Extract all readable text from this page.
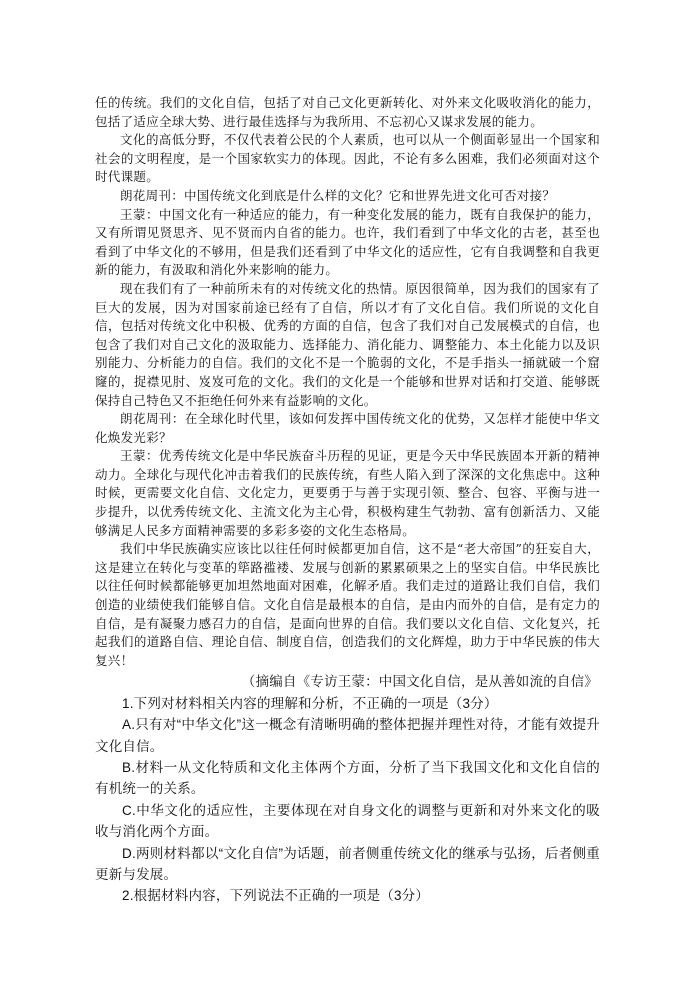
任的传统。我们的文化自信，包括了对自己文化更新转化、对外来文化吸收消化的能力，包括了适应全球大势、进行最佳选择与为我所用、不忘初心又谋求发展的能力。

文化的高低分野，不仅代表着公民的个人素质，也可以从一个侧面彰显出一个国家和社会的文明程度，是一个国家软实力的体现。因此，不论有多么困难，我们必须面对这个时代课题。

朗花周刊：中国传统文化到底是什么样的文化？它和世界先进文化可否对接？

王蒙：中国文化有一种适应的能力，有一种变化发展的能力，既有自我保护的能力，又有所谓见贤思齐、见不贤而内自省的能力。也许，我们看到了中华文化的古老，甚至也看到了中华文化的不够用，但是我们还看到了中华文化的适应性，它有自我调整和自我更新的能力，有汲取和消化外来影响的能力。

现在我们有了一种前所未有的对传统文化的热情。原因很简单，因为我们的国家有了巨大的发展，因为对国家前途已经有了自信，所以才有了文化自信。我们所说的文化自信，包括对传统文化中积极、优秀的方面的自信，包含了我们对自己发展模式的自信，也包含了我们对自己文化的汲取能力、选择能力、消化能力、调整能力、本土化能力以及识别能力、分析能力的自信。我们的文化不是一个脆弱的文化，不是手指头一捅就破一个窟窿的，捉襟见肘、岌岌可危的文化。我们的文化是一个能够和世界对话和打交道、能够既保持自己特色又不拒绝任何外来有益影响的文化。

朗花周刊：在全球化时代里，该如何发挥中国传统文化的优势，又怎样才能使中华文化焕发光彩？

王蒙：优秀传统文化是中华民族奋斗历程的见证，更是今天中华民族固本开新的精神动力。全球化与现代化冲击着我们的民族传统，有些人陷入到了深深的文化焦虑中。这种时候，更需要文化自信、文化定力，更要勇于与善于实现引领、整合、包容、平衡与进一步提升，以优秀传统文化、主流文化为主心骨，积极构建生气勃勃、富有创新活力、又能够满足人民多方面精神需要的多彩多姿的文化生态格局。

我们中华民族确实应该比以往任何时候都更加自信，这不是“老大帝国”的狂妄自大，这是建立在转化与变革的筚路褴褛、发展与创新的累累硕果之上的坚实自信。中华民族比以往任何时候都能够更加坦然地面对困难，化解矛盾。我们走过的道路让我们自信，我们创造的业绩使我们能够自信。文化自信是最根本的自信，是由内而外的自信，是有定力的自信，是有凝聚力感召力的自信，是面向世界的自信。我们要以文化自信、文化复兴，托起我们的道路自信、理论自信、制度自信，创造我们的文化辉煌，助力于中华民族的伟大复兴！

（摘编自《专访王蒙：中国文化自信，是从善如流的自信》

1.下列对材料相关内容的理解和分析，不正确的一项是（3分）

A.只有对“中华文化”这一概念有清晰明确的整体把握并理性对待，才能有效提升文化自信。

B.材料一从文化特质和文化主体两个方面，分析了当下我国文化和文化自信的有机统一的关系。

C.中华文化的适应性，主要体现在对自身文化的调整与更新和对外来文化的吸收与消化两个方面。

D.两则材料都以“文化自信”为话题，前者侧重传统文化的继承与弘扬，后者侧重更新与发展。

2.根据材料内容，下列说法不正确的一项是（3分）
